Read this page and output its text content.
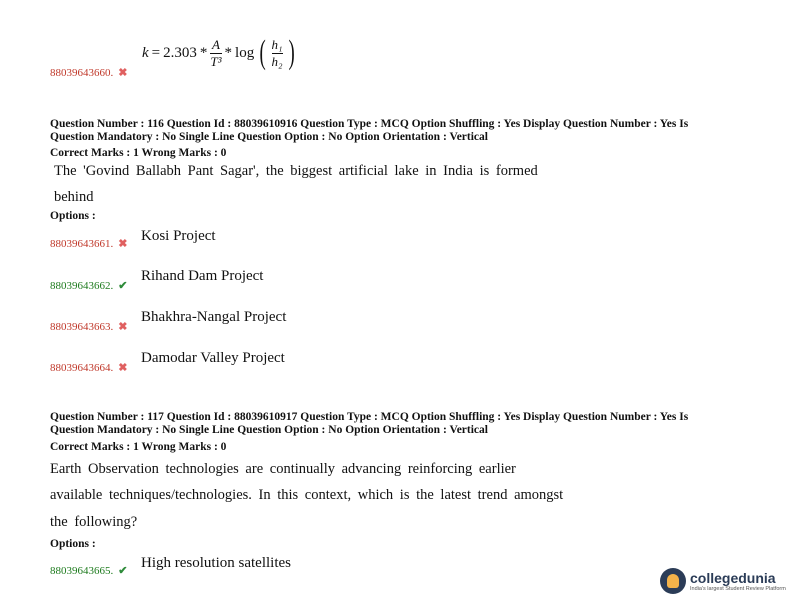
$k = 2.303 * \frac{A}{\text{T³}} * \log$ ( $\frac{\text{h₁}}{\text{h₂}}$ )
88039643660. ✖
Question Number : 116 Question Id : 88039610916 Question Type : MCQ Option Shuffling : Yes Display Question Number : Yes Is
Question Mandatory : No Single Line Question Option : No Option Orientation : Vertical
Correct Marks : 1 Wrong Marks : 0
The 'Govind Ballabh Pant Sagar', the biggest artificial lake in India is formed
behind
Options :
88039643661. ✖ Kosi Project
88039643662. ✔
Rihand Dam Project
88039643663. ✖
Bhakhra-Nangal Project
88039643664. ✖
Damodar Valley Project
Question Number : 117 Question Id : 88039610917 Question Type : MCQ Option Shuffling : Yes Display Question Number : Yes Is
Question Mandatory : No Single Line Question Option : No Option Orientation : Vertical
Correct Marks : 1 Wrong Marks : 0
Earth Observation technologies are continually advancing reinforcing earlier
available techniques/technologies. In this context, which is the latest trend amongst
the following?
Options :
88039643665. ✔ High resolution satellites
collegedunia
India's largest Student Review Platform
